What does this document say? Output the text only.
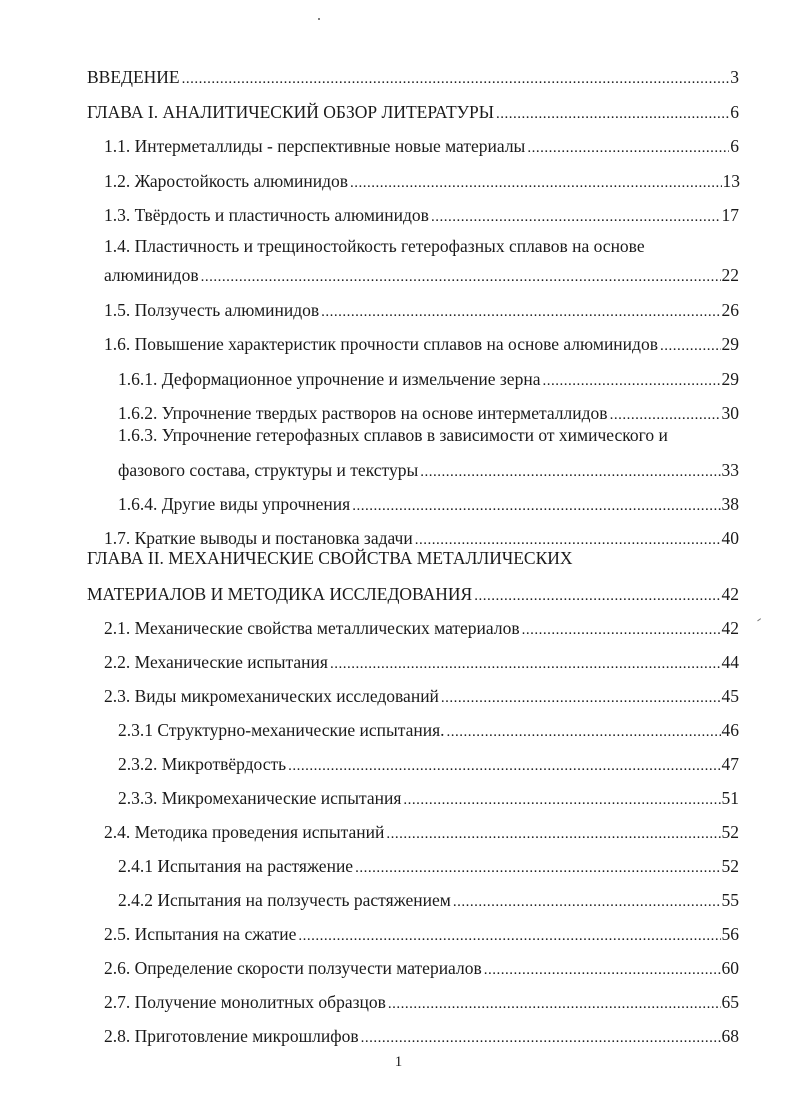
ВВЕДЕНИЕ .....	3
ГЛАВА I. АНАЛИТИЧЕСКИЙ ОБЗОР ЛИТЕРАТУРЫ .....	6
1.1. Интерметаллиды - перспективные новые материалы .....	6
1.2. Жаростойкость алюминидов .....	13
1.3. Твёрдость и пластичность алюминидов .....	17
1.4. Пластичность и трещиностойкость гетерофазных сплавов на основе
алюминидов .....	22
1.5. Ползучесть алюминидов .....	26
1.6. Повышение характеристик прочности сплавов на основе алюминидов .....	29
1.6.1. Деформационное упрочнение и измельчение зерна .....	29
1.6.2. Упрочнение твердых растворов на основе интерметаллидов .....	30
1.6.3. Упрочнение гетерофазных сплавов в зависимости от химического и
фазового состава, структуры и текстуры .....	33
1.6.4. Другие виды упрочнения .....	38
1.7. Краткие выводы и постановка задачи .....	40
ГЛАВА II. МЕХАНИЧЕСКИЕ СВОЙСТВА МЕТАЛЛИЧЕСКИХ
МАТЕРИАЛОВ И МЕТОДИКА ИССЛЕДОВАНИЯ .....	42
2.1. Механические свойства металлических материалов .....	42
2.2. Механические испытания .....	44
2.3. Виды микромеханических исследований .....	45
2.3.1 Структурно-механические испытания. .....	46
2.3.2. Микротвёрдость .....	47
2.3.3. Микромеханические испытания .....	51
2.4. Методика проведения испытаний .....	52
2.4.1 Испытания на растяжение .....	52
2.4.2 Испытания на ползучесть растяжением .....	55
2.5. Испытания на сжатие .....	56
2.6. Определение скорости ползучести материалов .....	60
2.7. Получение монолитных образцов .....	65
2.8. Приготовление микрошлифов .....	68
1
